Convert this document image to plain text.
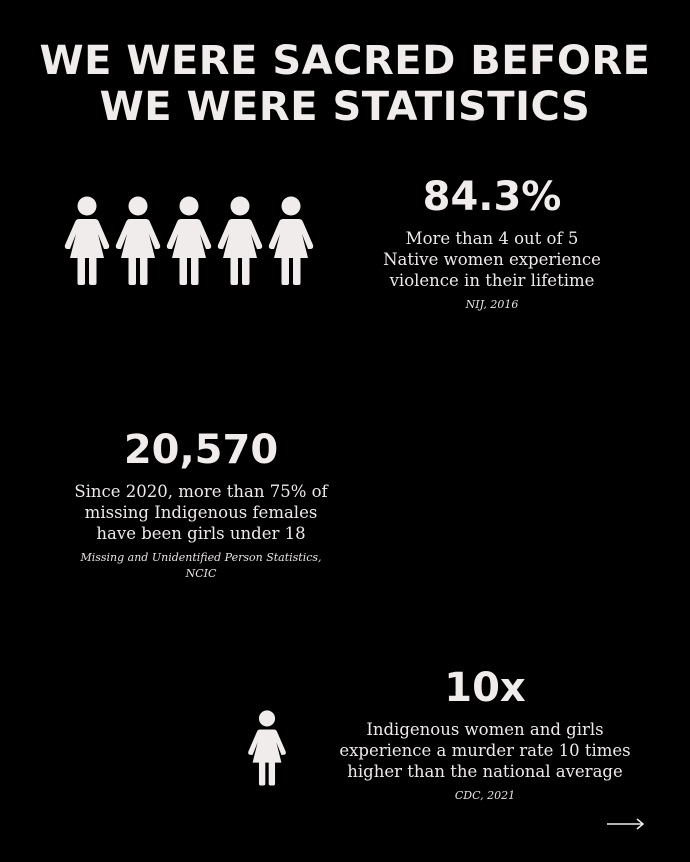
WE WERE SACRED BEFORE
WE WERE STATISTICS
84.3%
More than 4 out of 5
Native women experience
violence in their lifetime
NIJ, 2016
20,570
Since 2020, more than 75% of
missing Indigenous females
have been girls under 18
Missing and Unidentified Person Statistics,
NCIC
10x
Indigenous women and girls
experience a murder rate 10 times
higher than the national average
CDC, 2021
